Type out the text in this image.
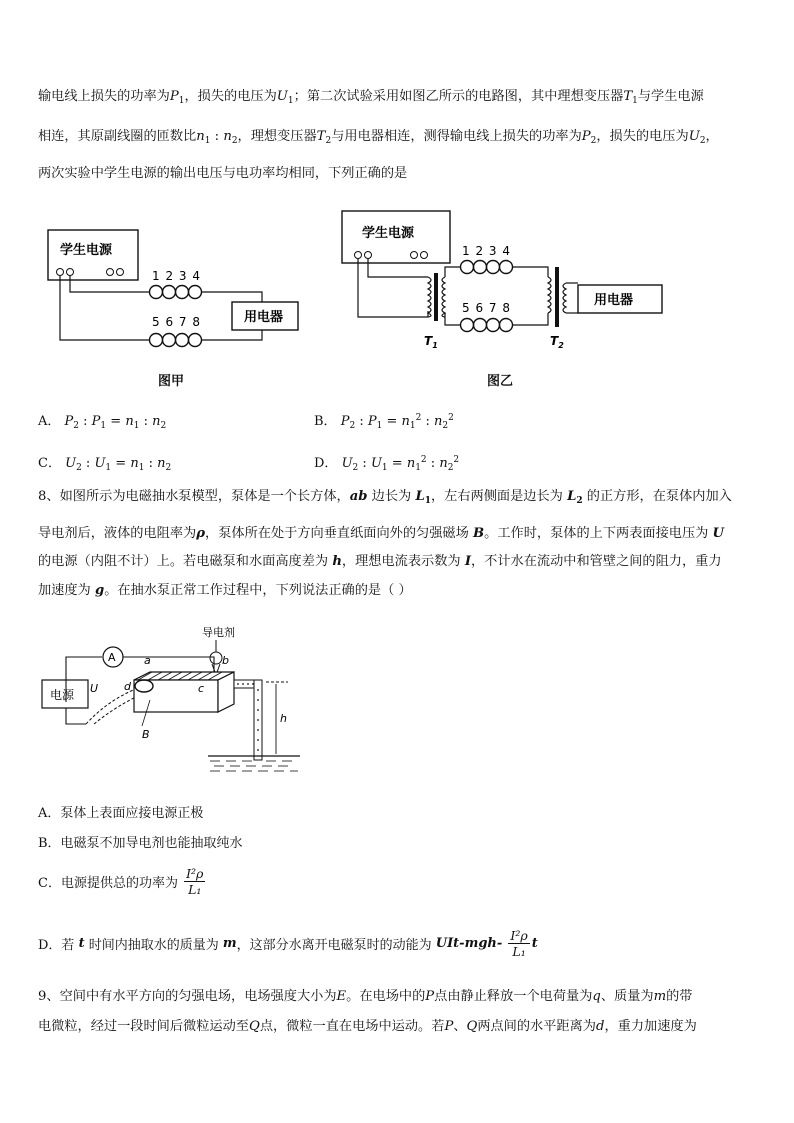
输电线上损失的功率为$P_1$，损失的电压为$U_1$；第二次试验采用如图乙所示的电路图，其中理想变压器$T_1$与学生电源
相连，其原副线圈的匝数比$n_1$ : $n_2$，理想变压器$T_2$与用电器相连，测得输电线上损失的功率为$P_2$，损失的电压为$U_2$，
两次实验中学生电源的输出电压与电功率均相同，下列正确的是
学生电源
1 2 3 4
5 6 7 8	用电器
图甲
学生电源
$T_1$
1 2 3 4
5 6 7 8
$T_2$
用电器
图乙
A． $P_2$ : $P_1 = n_1$ : $n_2$	B． $P_2$ : $P_1 = n_1^2$ : $n_2^2$
C． $U_2$ : $U_1 = n_1$ : $n_2$	D． $U_2$ : $U_1 = n_1^2$ : $n_2^2$
8、如图所示为电磁抽水泵模型，泵体是一个长方体，ab 边长为 $L_1$，左右两侧面是边长为 $L_2$ 的正方形，在泵体内加入
导电剂后，液体的电阻率为ρ，泵体所在处于方向垂直纸面向外的匀强磁场 B。工作时，泵体的上下两表面接电压为 U
的电源（内阻不计）上。若电磁泵和水面高度差为 h，理想电流表示数为 I，不计水在流动中和管壁之间的阻力，重力
加速度为 g。在抽水泵正常工作过程中，下列说法正确的是（ ）
导电剂
b
A	a
电源 U d	c
B
h
A．泵体上表面应接电源正极
B．电磁泵不加导电剂也能抽取纯水
C．电源提供总的功率为 $\frac{\text{I²ρ}}{\text{L₁}}$
D．若 t 时间内抽取水的质量为 m，这部分水离开电磁泵时的动能为 $UIt-mgh- \frac{\text{I²ρ}}{\text{L₁}}$ t
9、空间中有水平方向的匀强电场，电场强度大小为E。在电场中的P点由静止释放一个电荷量为q、质量为m的带
电微粒，经过一段时间后微粒运动至Q点，微粒一直在电场中运动。若P、Q两点间的水平距离为d，重力加速度为
